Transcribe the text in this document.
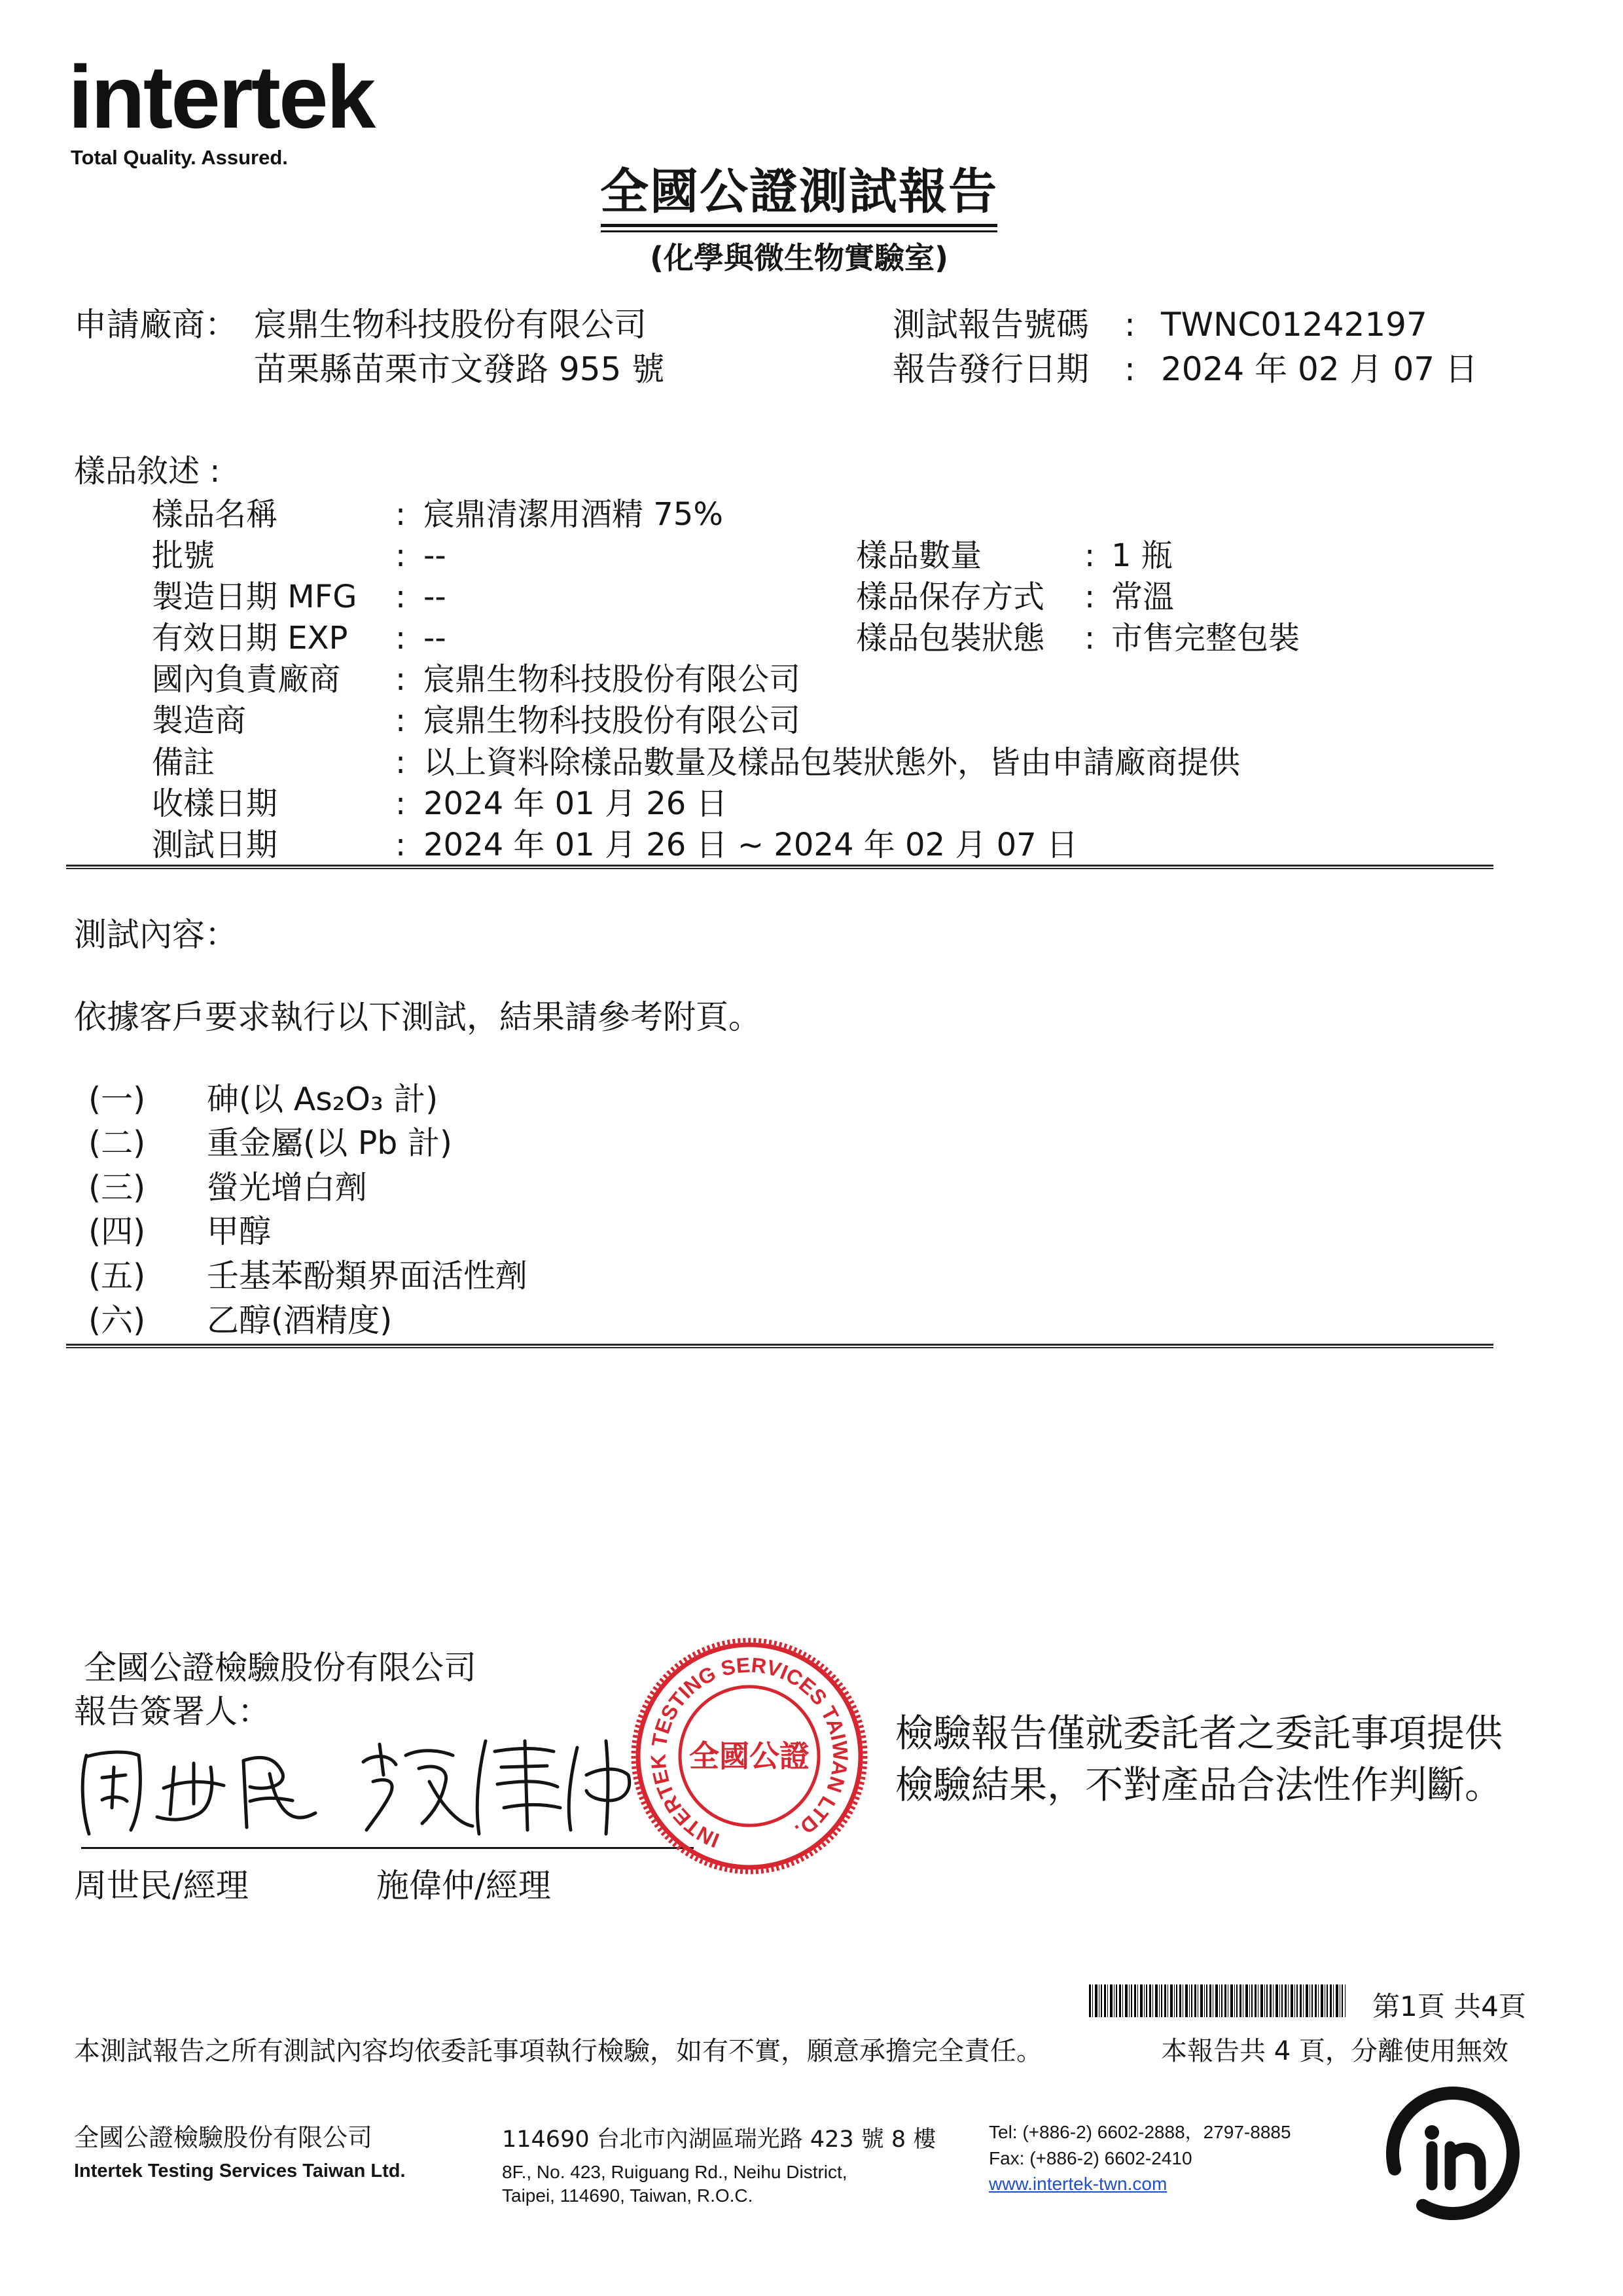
intertek
Total Quality. Assured.
全國公證測試報告
(化學與微生物實驗室)
申請廠商： 宸鼎生物科技股份有限公司
苗栗縣苗栗市文發路 955 號
測試報告號碼 : TWNC01242197
報告發行日期 : 2024 年 02 月 07 日
樣品敘述 :
樣品名稱	: 宸鼎清潔用酒精 75%
批號	: --	樣品數量	: 1 瓶
製造日期 MFG : --	樣品保存方式 : 常溫
有效日期 EXP : --	樣品包裝狀態 : 市售完整包裝
國內負責廠商 : 宸鼎生物科技股份有限公司
製造商	: 宸鼎生物科技股份有限公司
備註	: 以上資料除樣品數量及樣品包裝狀態外，皆由申請廠商提供
收樣日期	: 2024 年 01 月 26 日
測試日期	: 2024 年 01 月 26 日 ~ 2024 年 02 月 07 日
測試內容：
依據客戶要求執行以下測試，結果請參考附頁。
(一) 砷(以 As₂O₃ 計)
(二) 重金屬(以 Pb 計)
(三) 螢光增白劑
(四) 甲醇
(五) 壬基苯酚類界面活性劑
(六) 乙醇(酒精度)
全國公證檢驗股份有限公司
報告簽署人：
周世民/經理	施偉仲/經理
INTERTEK TESTING SERVICES TAIWAN LTD.
全國公證
檢驗報告僅就委託者之委託事項提供
檢驗結果，不對產品合法性作判斷。
第1頁 共4頁
本測試報告之所有測試內容均依委託事項執行檢驗，如有不實，願意承擔完全責任。	本報告共 4 頁，分離使用無效
全國公證檢驗股份有限公司
Intertek Testing Services Taiwan Ltd.
114690 台北市內湖區瑞光路 423 號 8 樓
8F., No. 423, Ruiguang Rd., Neihu District,
Taipei, 114690, Taiwan, R.O.C.
Tel: (+886-2) 6602-2888，2797-8885
Fax: (+886-2) 6602-2410
www.intertek-twn.com
